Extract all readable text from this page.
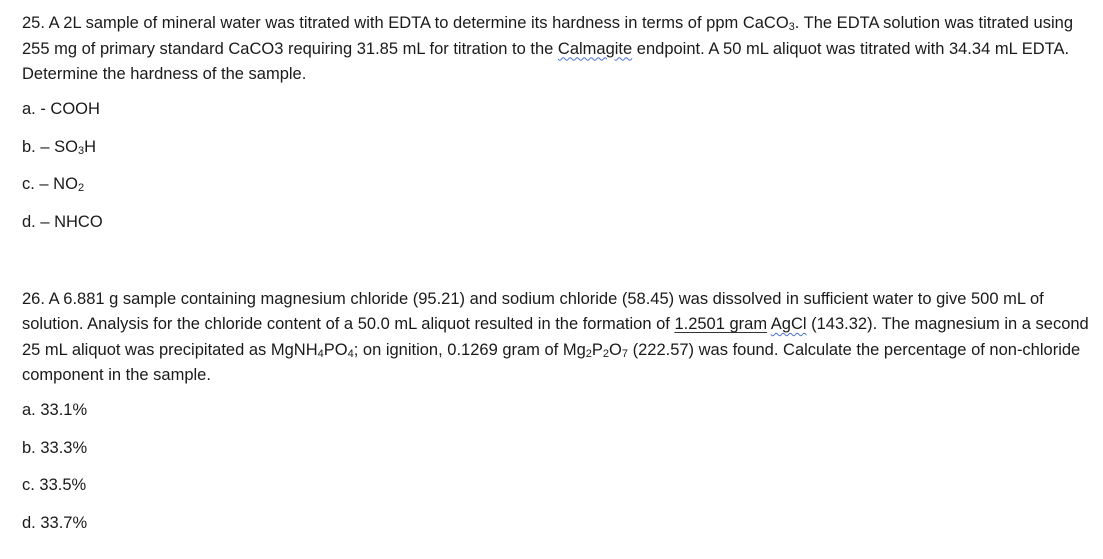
25. A 2L sample of mineral water was titrated with EDTA to determine its hardness in terms of ppm CaCO$_3$. The EDTA solution was titrated using 255 mg of primary standard CaCO3 requiring 31.85 mL for titration to the Calmagite endpoint. A 50 mL aliquot was titrated with 34.34 mL EDTA. Determine the hardness of the sample.

a. - COOH

b. – $SO_3H$

c. – $NO_2$

d. – NHCO

26. A 6.881 g sample containing magnesium chloride (95.21) and sodium chloride (58.45) was dissolved in sufficient water to give 500 mL of solution. Analysis for the chloride content of a 50.0 mL aliquot resulted in the formation of 1.2501 gram AgCl (143.32). The magnesium in a second 25 mL aliquot was precipitated as $MgNH_4PO_4$; on ignition, 0.1269 gram of $Mg_2P_2O_7$ (222.57) was found. Calculate the percentage of non-chloride component in the sample.

a. 33.1%

b. 33.3%

c. 33.5%

d. 33.7%
